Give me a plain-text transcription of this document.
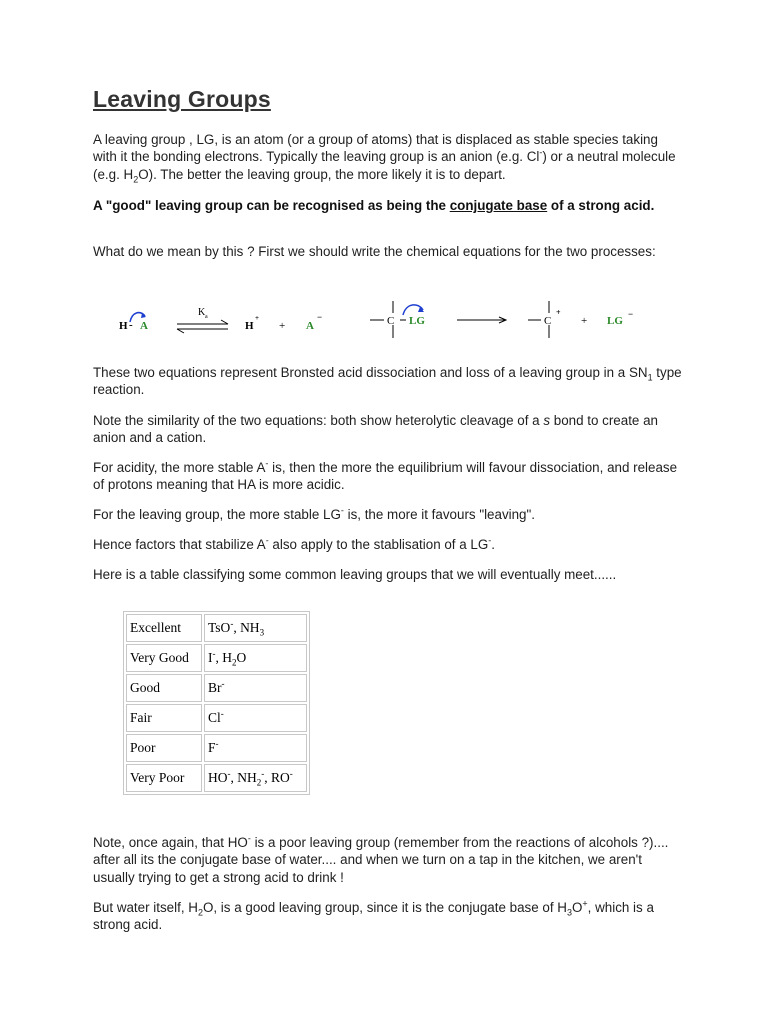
Leaving Groups

A leaving group , LG, is an atom (or a group of atoms) that is displaced as stable species taking with it the bonding electrons. Typically the leaving group is an anion (e.g. Cl-) or a neutral molecule (e.g. $H_2O$). The better the leaving group, the more likely it is to depart.

A "good" leaving group can be recognised as being the conjugate base of a strong acid.

What do we mean by this ? First we should write the chemical equations for the two processes:

H - A
K a
H
+
+ A
−	C LG	C
+
+ LG
−

These two equations represent Bronsted acid dissociation and loss of a leaving group in a $SN_1$ type reaction.

Note the similarity of the two equations: both show heterolytic cleavage of a s bond to create an anion and a cation.

For acidity, the more stable A- is, then the more the equilibrium will favour dissociation, and release of protons meaning that HA is more acidic.

For the leaving group, the more stable LG- is, the more it favours "leaving".

Hence factors that stabilize A- also apply to the stablisation of a LG-.

Here is a table classifying some common leaving groups that we will eventually meet......

Excellent	TsO-, $NH_3$
Very Good	I-, $H_2O$
Good	Br-
Fair	Cl-
Poor	F-
Very Poor	HO-, $NH_2^-$, RO-

Note, once again, that HO- is a poor leaving group (remember from the reactions of alcohols ?).... after all its the conjugate base of water.... and when we turn on a tap in the kitchen, we aren't usually trying to get a strong acid to drink !

But water itself, $H_2O$, is a good leaving group, since it is the conjugate base of $H_3O^+$, which is a strong acid.
